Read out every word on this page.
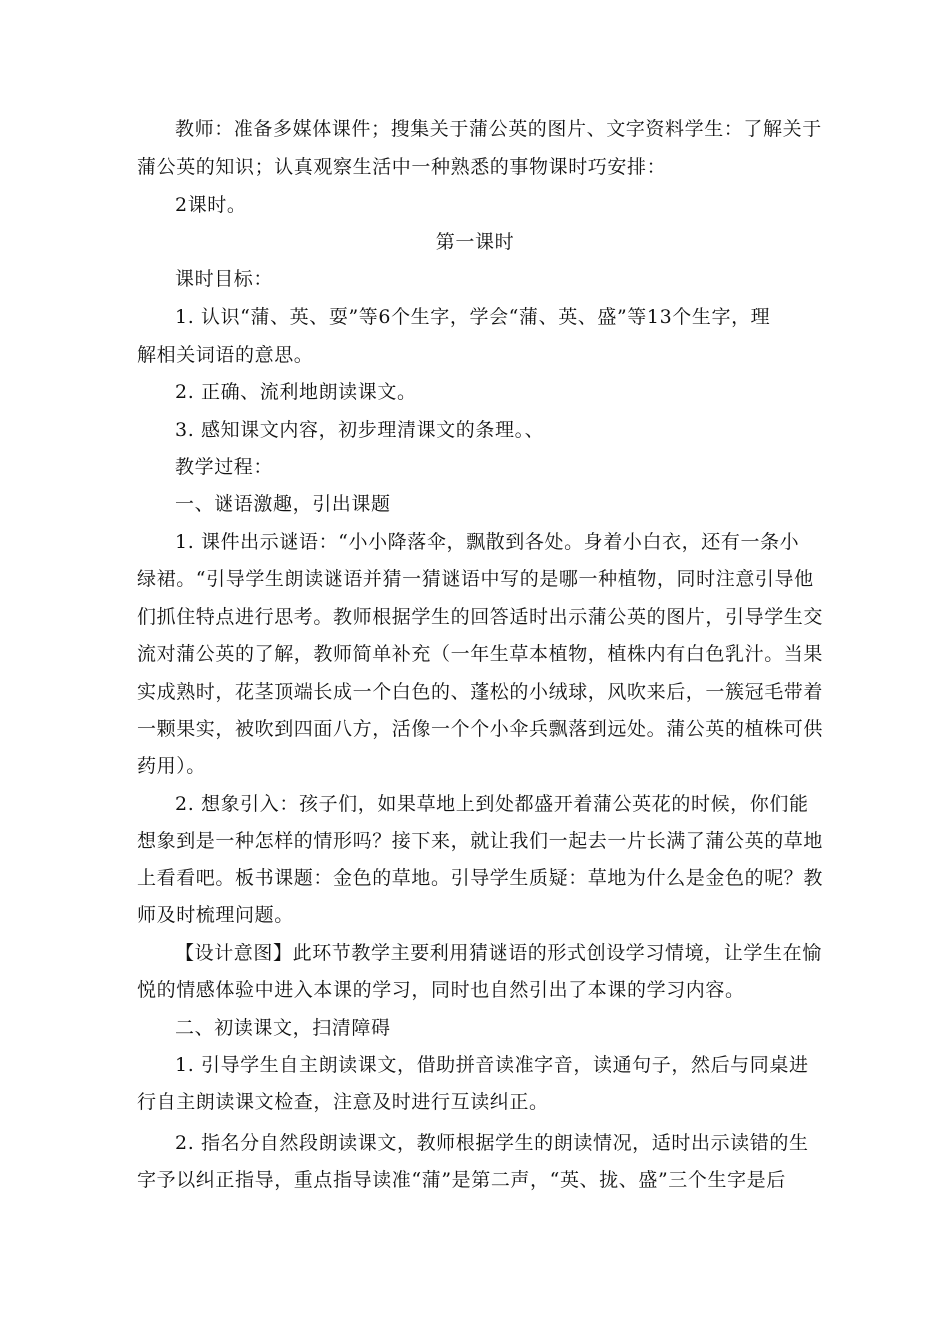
教师：准备多媒体课件；搜集关于蒲公英的图片、文字资料学生：了解关于
蒲公英的知识；认真观察生活中一种熟悉的事物课时巧安排：
2课时。
第一课时
课时目标：
1. 认识“蒲、英、耍”等6个生字，学会“蒲、英、盛”等13个生字，理
解相关词语的意思。
2. 正确、流利地朗读课文。
3. 感知课文内容，初步理清课文的条理。、
教学过程：
一、谜语激趣，引出课题
1. 课件出示谜语：“小小降落伞，飘散到各处。身着小白衣，还有一条小
绿裙。“引导学生朗读谜语并猜一猜谜语中写的是哪一种植物，同时注意引导他
们抓住特点进行思考。教师根据学生的回答适时出示蒲公英的图片，引导学生交
流对蒲公英的了解，教师简单补充（一年生草本植物，植株内有白色乳汁。当果
实成熟时，花茎顶端长成一个白色的、蓬松的小绒球，风吹来后，一簇冠毛带着
一颗果实，被吹到四面八方，活像一个个小伞兵飘落到远处。蒲公英的植株可供
药用）。
2. 想象引入：孩子们，如果草地上到处都盛开着蒲公英花的时候，你们能
想象到是一种怎样的情形吗？接下来，就让我们一起去一片长满了蒲公英的草地
上看看吧。板书课题：金色的草地。引导学生质疑：草地为什么是金色的呢？教
师及时梳理问题。
【设计意图】此环节教学主要利用猜谜语的形式创设学习情境，让学生在愉
悦的情感体验中进入本课的学习，同时也自然引出了本课的学习内容。
二、初读课文，扫清障碍
1. 引导学生自主朗读课文，借助拼音读准字音，读通句子，然后与同桌进
行自主朗读课文检查，注意及时进行互读纠正。
2. 指名分自然段朗读课文，教师根据学生的朗读情况，适时出示读错的生
字予以纠正指导，重点指导读准“蒲”是第二声，“英、拢、盛”三个生字是后
